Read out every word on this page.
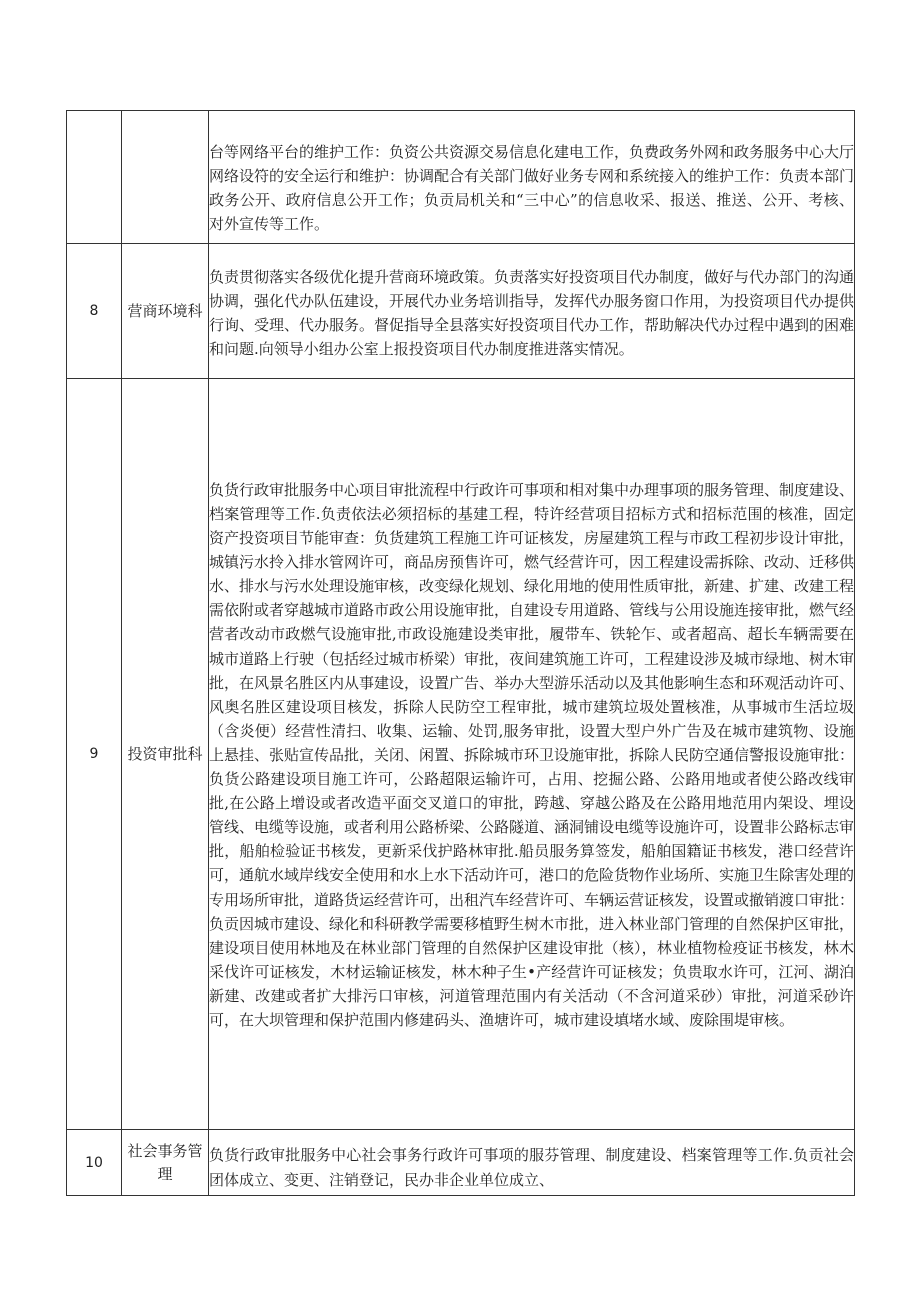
		台等网络平台的维护工作：负资公共资源交易信息化建电工作，负费政务外网和政务服务中心大厅网络设符的安全运行和维护：协调配合有关部门做好业务专网和系统接入的维护工作：负责本部门政务公开、政府信息公开工作；负贡局机关和“三中心”的信息收采、报送、推送、公开、考核、对外宣传等工作。
8	营商环境科	负责贯彻落实各级优化提升营商环境政策。负责落实好投资项目代办制度，做好与代办部门的沟通协调，强化代办队伍建设，开展代办业务培训指导，发挥代办服务窗口作用，为投资项目代办提供行询、受理、代办服务。督促指导全县落实好投资项目代办工作，帮助解决代办过程中遇到的困难和问题.向领导小组办公室上报投资项目代办制度推进落实情况。
9	投资审批科	负货行政审批服务中心项目审批流程中行政许可事项和相对集中办理事项的服务管理、制度建设、档案管理等工作.负责依法必须招标的基建工程，特许经营项目招标方式和招标范围的核准，固定资产投资项目节能审查：负货建筑工程施工许可证核发，房屋建筑工程与市政工程初步设计审批，城镇污水拎入排水管网许可，商品房预售许可，燃气经营许可，因工程建设需拆除、改动、迁移供水、排水与污水处理设施审核，改变绿化规划、绿化用地的使用性质审批，新建、扩建、改建工程需依附或者穿越城市道路市政公用设施审批，自建设专用道路、管线与公用设施连接审批，燃气经营者改动市政燃气设施审批,市政设施建设类审批，履带车、铁轮乍、或者超高、超长车辆需要在城市道路上行驶（包括经过城市桥梁）审批，夜间建筑施工许可，工程建设涉及城市绿地、树木审批，在风景名胜区内从事建设，设置广告、举办大型游乐活动以及其他影响生态和环观活动许可、风奥名胜区建设项目核发，拆除人民防空工程审批，城市建筑垃圾处置核准，从事城市生活垃圾（含炎便）经营性清扫、收集、运输、处罚,服务审批，设置大型户外广告及在城市建筑物、设施上悬挂、张贴宣传品批，关闭、闲置、拆除城市环卫设施审批，拆除人民防空通信警报设施审批：负货公路建设项目施工许可，公路超限运输许可，占用、挖掘公路、公路用地或者使公路改线审批,在公路上增设或者改造平面交叉道口的审批，跨越、穿越公路及在公路用地范用内架设、埋设管线、电缆等设施，或者利用公路桥梁、公路隧道、涵洞铺设电缆等设施许可，设置非公路标志审批，船舶检验证书核发，更新采伐护路林审批.船员服务算签发，船舶国籍证书核发，港口经营许可，通航水域岸线安全使用和水上水下活动许可，港口的危险货物作业场所、实施卫生除害处理的专用场所审批，道路货运经营许可，出租汽车经营许可、车辆运营证核发，设置或撤销渡口审批：负贡因城市建设、绿化和科研教学需要移植野生树木市批，进入林业部门管理的自然保护区审批，建设项目使用林地及在林业部门管理的自然保护区建设审批（核），林业植物检疫证书核发，林木采伐许可证核发，木材运输证核发，林木种子生•产经营许可证核发；负贵取水许可，江河、湖泊新建、改建或者扩大排污口审核，河道管理范围内有关活动（不含河道采砂）审批，河道采砂许可，在大坝管理和保护范围内修建码头、渔塘许可，城市建设填堵水域、废除围堤审核。
10	社会事务管理	负货行政审批服务中心社会事务行政许可事项的服芬管理、制度建设、档案管理等工作.负贡社会团体成立、变更、注销登记，民办非企业单位成立、
